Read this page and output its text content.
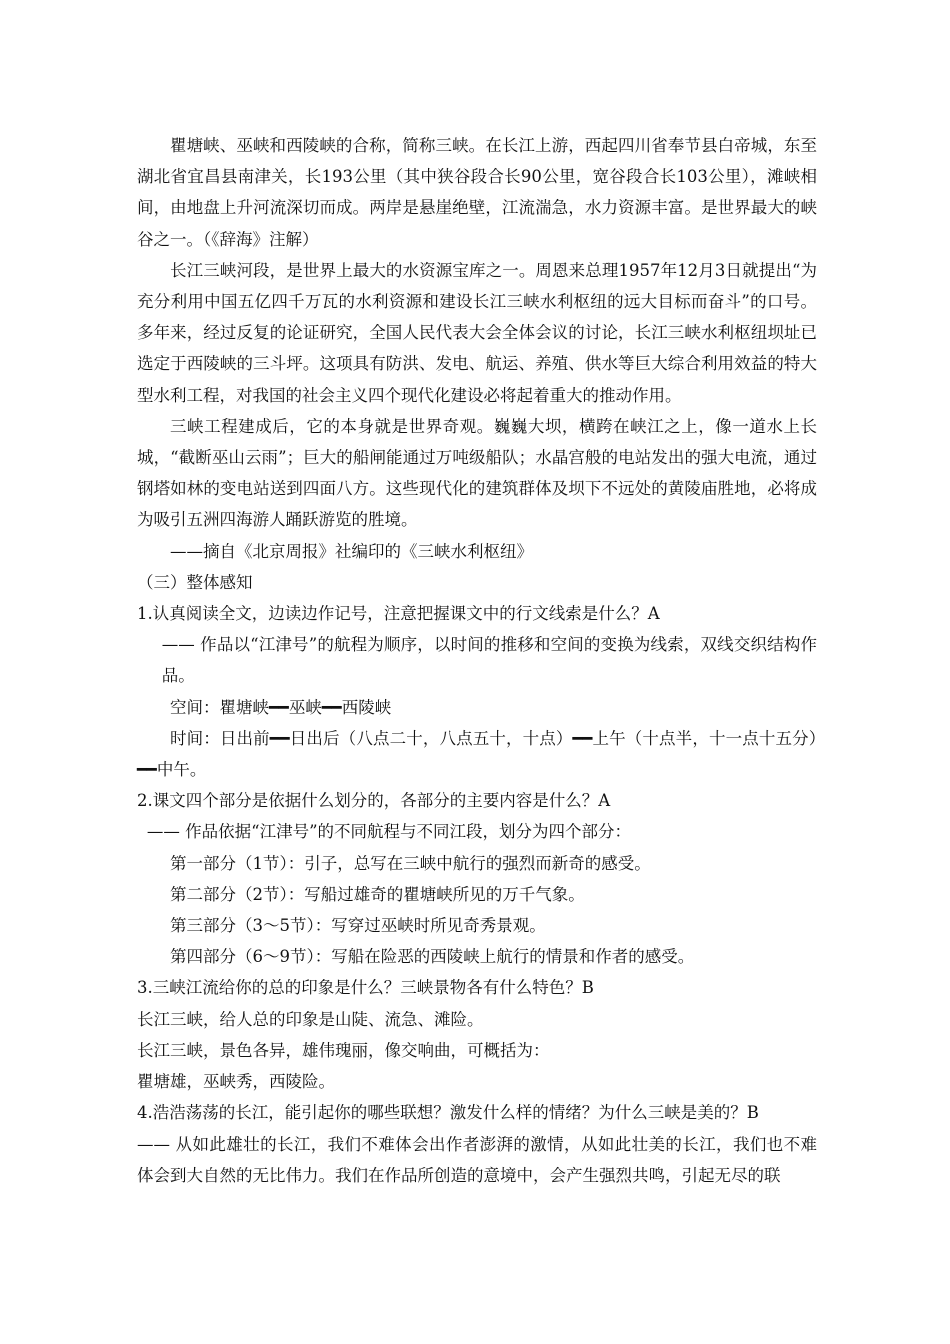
瞿塘峡、巫峡和西陵峡的合称，简称三峡。在长江上游，西起四川省奉节县白帝城，东至湖北省宜昌县南津关，长193公里（其中狭谷段合长90公里，宽谷段合长103公里），滩峡相间，由地盘上升河流深切而成。两岸是悬崖绝壁，江流湍急，水力资源丰富。是世界最大的峡谷之一。（《辞海》注解）

长江三峡河段，是世界上最大的水资源宝库之一。周恩来总理1957年12月3日就提出“为充分利用中国五亿四千万瓦的水利资源和建设长江三峡水利枢纽的远大目标而奋斗”的口号。多年来，经过反复的论证研究，全国人民代表大会全体会议的讨论，长江三峡水利枢纽坝址已选定于西陵峡的三斗坪。这项具有防洪、发电、航运、养殖、供水等巨大综合利用效益的特大型水利工程，对我国的社会主义四个现代化建设必将起着重大的推动作用。

三峡工程建成后，它的本身就是世界奇观。巍巍大坝，横跨在峡江之上，像一道水上长城，“截断巫山云雨”；巨大的船闸能通过万吨级船队；水晶宫般的电站发出的强大电流，通过钢塔如林的变电站送到四面八方。这些现代化的建筑群体及坝下不远处的黄陵庙胜地，必将成为吸引五洲四海游人踊跃游览的胜境。

——摘自《北京周报》社编印的《三峡水利枢纽》

（三）整体感知

1.认真阅读全文，边读边作记号，注意把握课文中的行文线索是什么？A

—— 作品以“江津号”的航程为顺序，以时间的推移和空间的变换为线索，双线交织结构作品。

空间：瞿塘峡━━巫峡━━西陵峡

时间：日出前━━日出后（八点二十，八点五十，十点）━━上午（十点半，十一点十五分）━━中午。

2.课文四个部分是依据什么划分的，各部分的主要内容是什么？A

—— 作品依据“江津号”的不同航程与不同江段，划分为四个部分：

第一部分（1节）：引子，总写在三峡中航行的强烈而新奇的感受。

第二部分（2节）：写船过雄奇的瞿塘峡所见的万千气象。

第三部分（3～5节）：写穿过巫峡时所见奇秀景观。

第四部分（6～9节）：写船在险恶的西陵峡上航行的情景和作者的感受。

3.三峡江流给你的总的印象是什么？三峡景物各有什么特色？B

长江三峡，给人总的印象是山陡、流急、滩险。

长江三峡，景色各异，雄伟瑰丽，像交响曲，可概括为：

瞿塘雄，巫峡秀，西陵险。

4.浩浩荡荡的长江，能引起你的哪些联想？激发什么样的情绪？为什么三峡是美的？B

—— 从如此雄壮的长江，我们不难体会出作者澎湃的激情，从如此壮美的长江，我们也不难体会到大自然的无比伟力。我们在作品所创造的意境中，会产生强烈共鸣，引起无尽的联
